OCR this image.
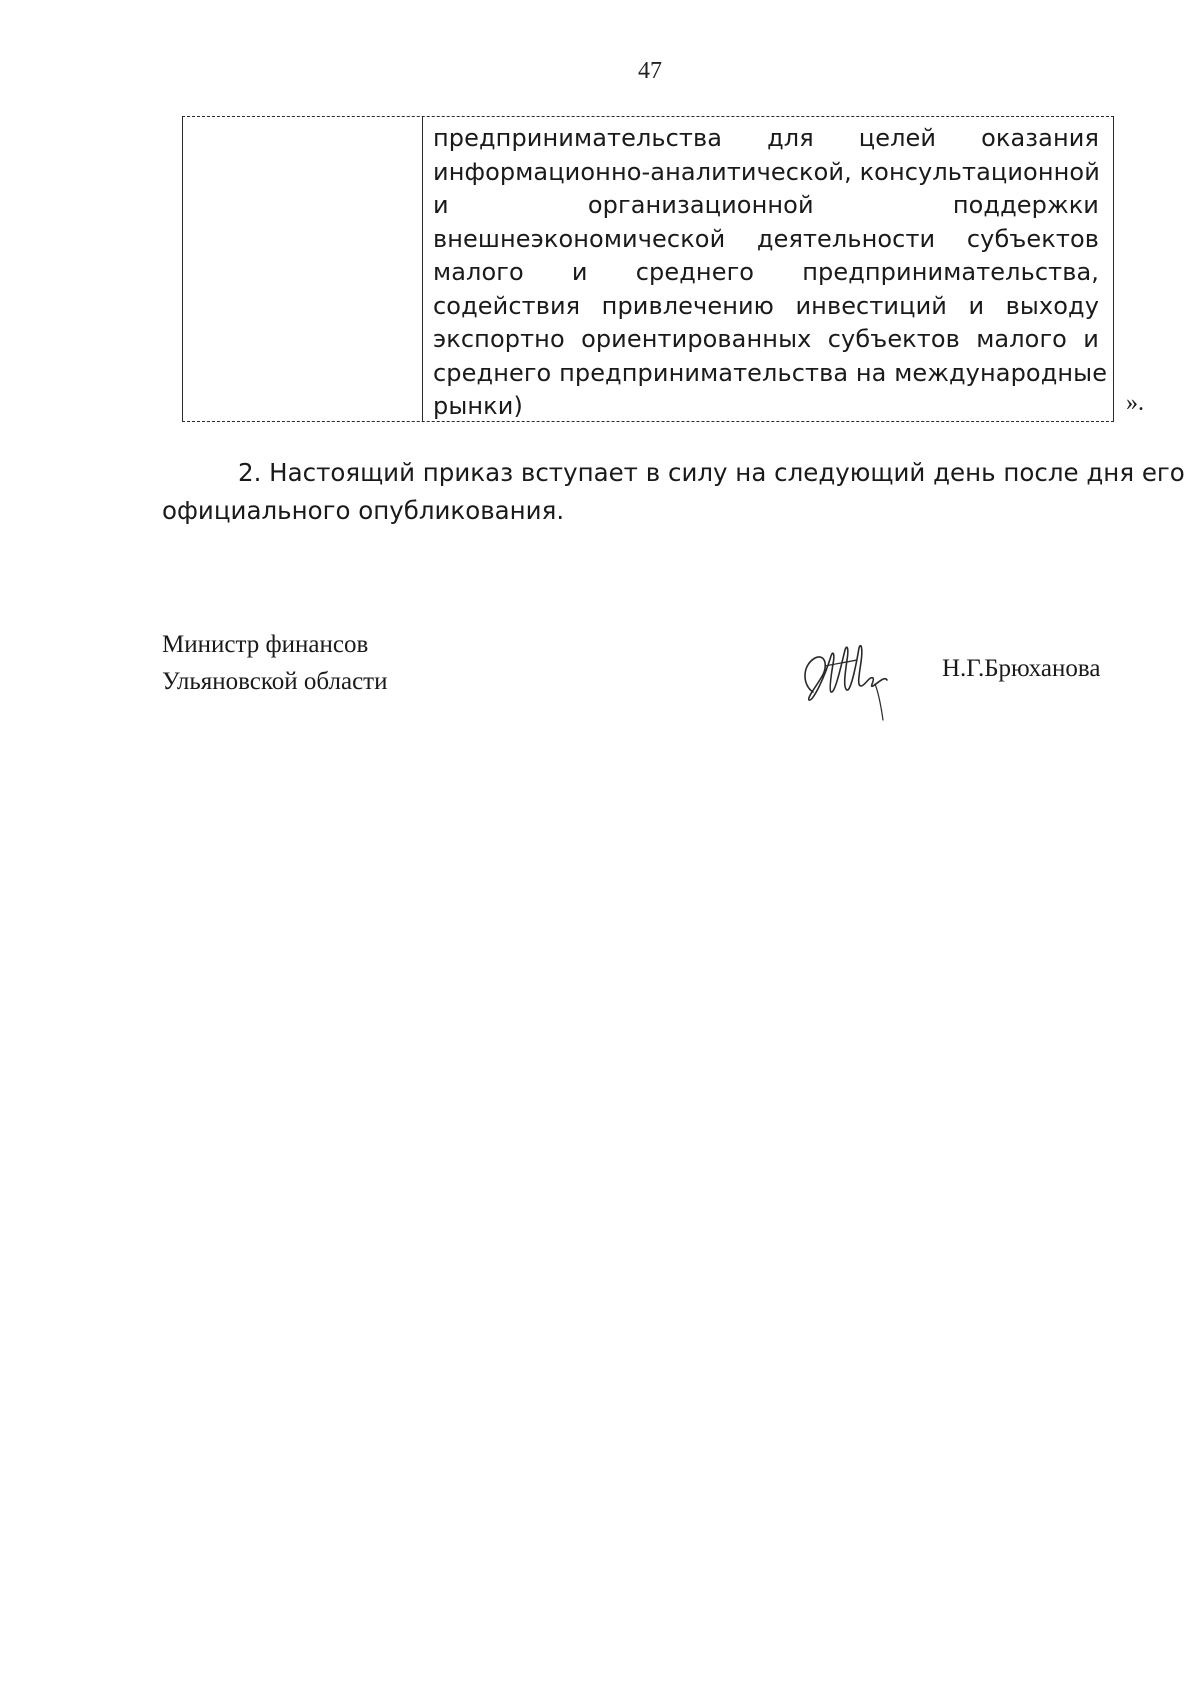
47
предпринимательства для целей оказания
информационно-аналитической, консультационной
и организационной поддержки
внешнеэкономической деятельности субъектов
малого и среднего предпринимательства,
содействия привлечению инвестиций и выходу
экспортно ориентированных субъектов малого и
среднего предпринимательства на международные
рынки)	».
2. Настоящий приказ вступает в силу на следующий день после дня его
официального опубликования.
Министр финансов
Ульяновской области	Н.Г.Брюханова
